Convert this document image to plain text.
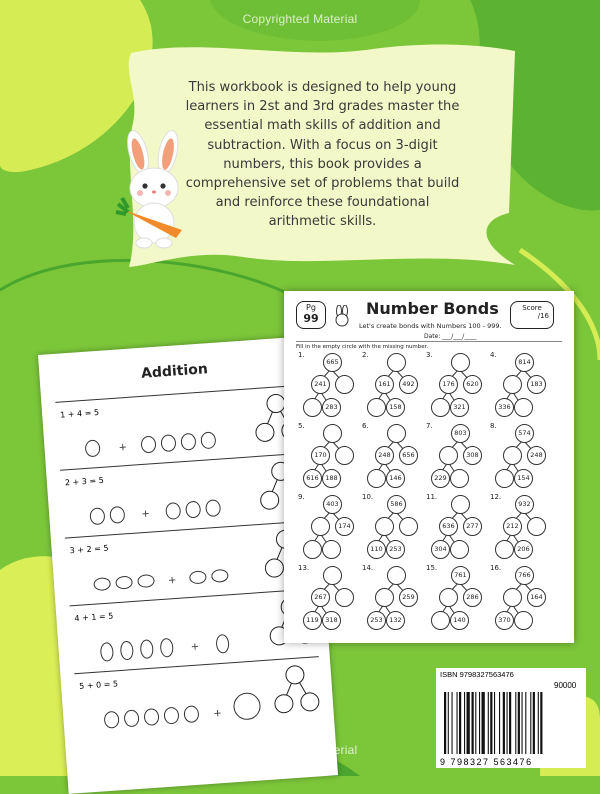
Copyrighted Material
This workbook is designed to help young learners in 2st and 3rd grades master the essential math skills of addition and subtraction. With a focus on 3-digit numbers, this book provides a comprehensive set of problems that build and reinforce these foundational arithmetic skills.
Addition
1 + 4 = 5
+
2 + 3 = 5
+
3 + 2 = 5
+
4 + 1 = 5
+
5 + 0 = 5
+
Pg
99
Number Bonds
Let's create bonds with Numbers 100 - 999.
Date: ___/___/____
Score
/16
Fill in the empty circle with the missing number.
1.
665
241
283
2.
161	492
158
3.
176	620
321
4.
814
183
336
5.
170
616	188
6.
248	656
146
7.
803
308
229
8.
574
248
154
9.
403
174
10.
586
110	253
11.
636	277
304
12.
932
212
206
13.
267
119	318
14.
259
253	132
15.
761
286
140
16.
766
164
370
ISBN 9798327563476
90000
9 798327 563476
Copyrighted Material
